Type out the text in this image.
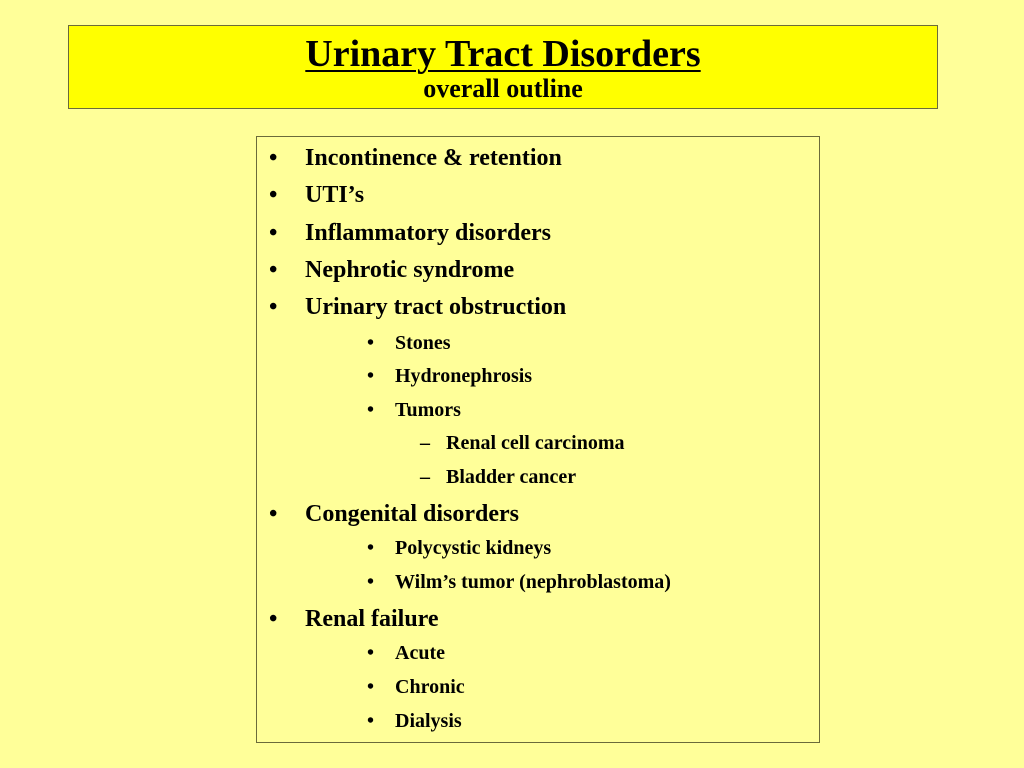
Urinary Tract Disorders
overall outline
• Incontinence & retention
• UTI’s
• Inflammatory disorders
• Nephrotic syndrome
• Urinary tract obstruction
• Stones
• Hydronephrosis
• Tumors
– Renal cell carcinoma
– Bladder cancer
• Congenital disorders
• Polycystic kidneys
• Wilm’s tumor (nephroblastoma)
• Renal failure
• Acute
• Chronic
• Dialysis
